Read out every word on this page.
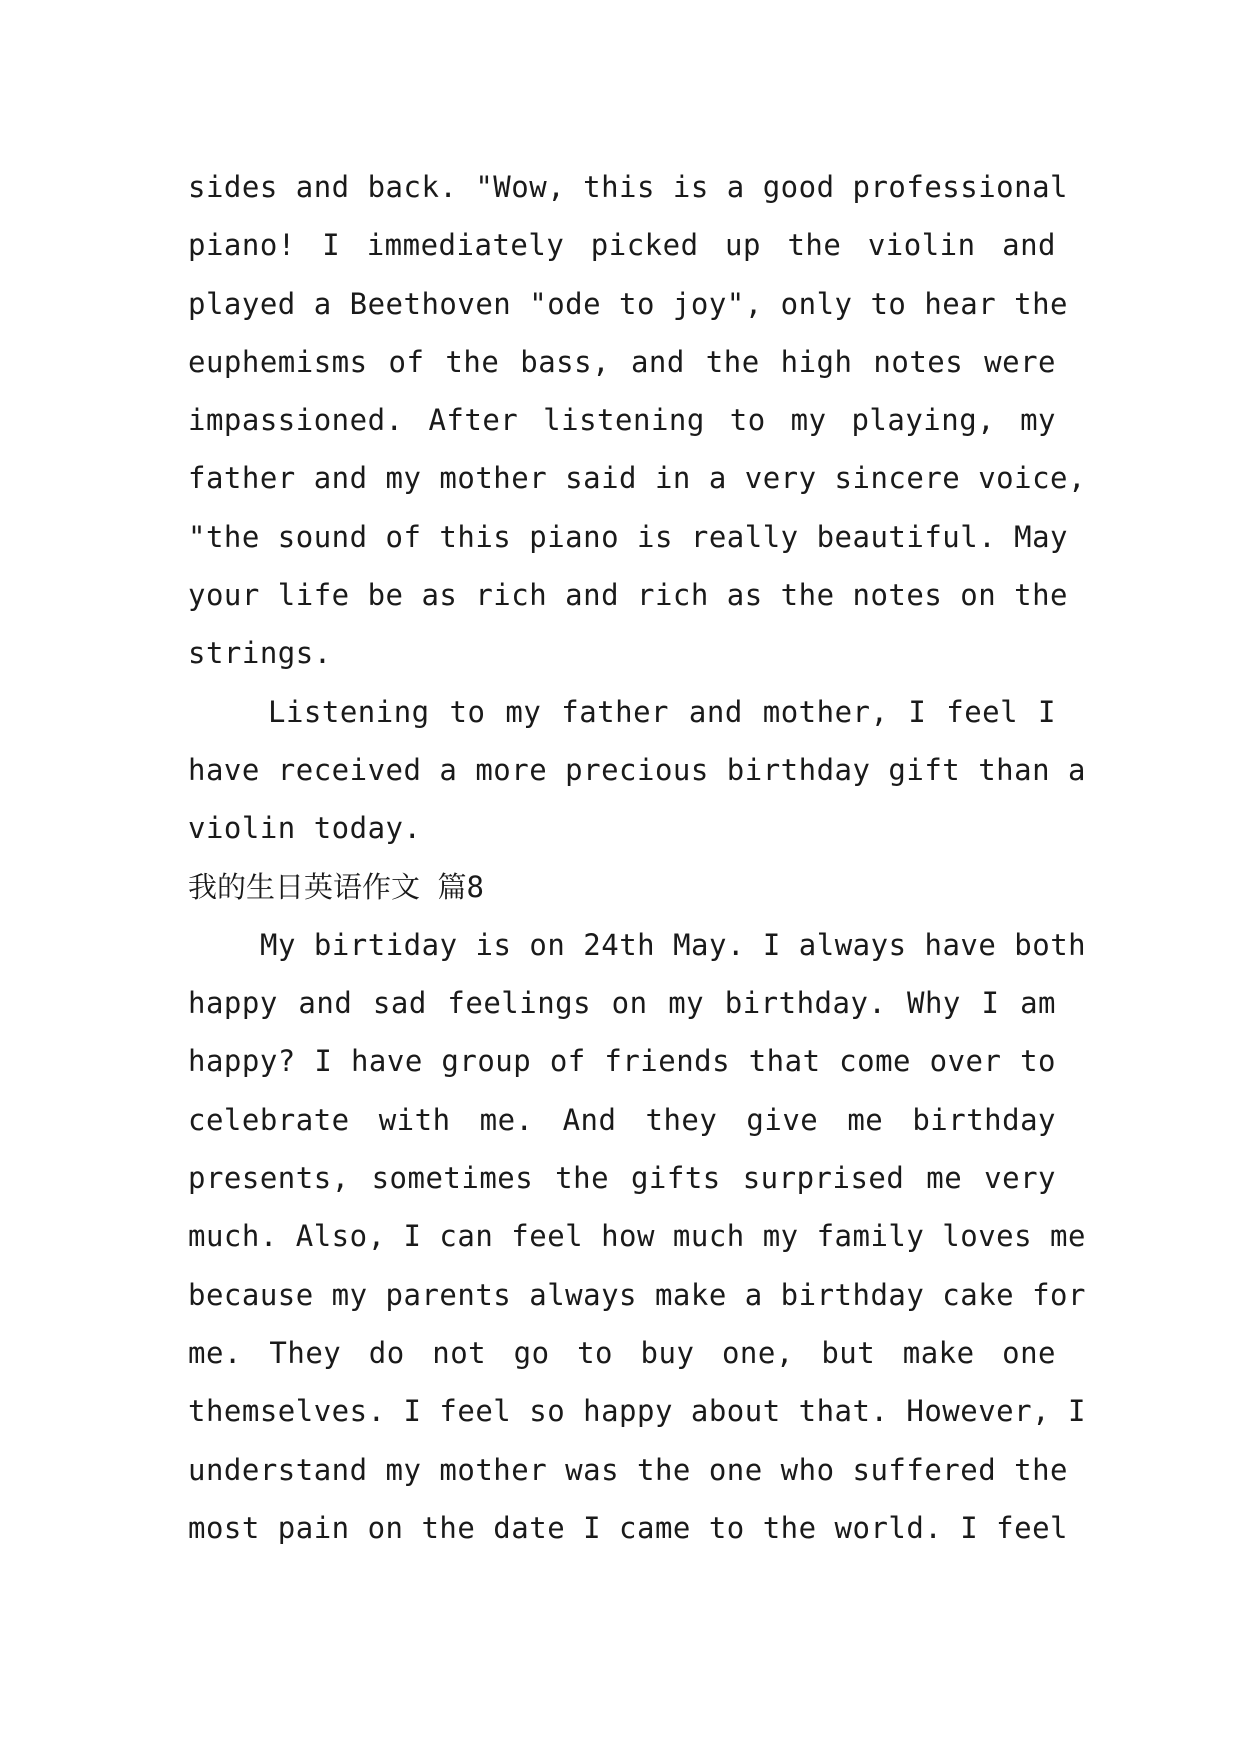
sides and back. "Wow, this is a good professional
piano! I immediately picked up the violin and
played a Beethoven "ode to joy", only to hear the
euphemisms of the bass, and the high notes were
impassioned. After listening to my playing, my
father and my mother said in a very sincere voice,
"the sound of this piano is really beautiful. May
your life be as rich and rich as the notes on the
strings.
Listening to my father and mother, I feel I
have received a more precious birthday gift than a
violin today.
我的生日英语作文 篇8
My birtiday is on 24th May. I always have both
happy and sad feelings on my birthday. Why I am
happy? I have group of friends that come over to
celebrate with me. And they give me birthday
presents, sometimes the gifts surprised me very
much. Also, I can feel how much my family loves me
because my parents always make a birthday cake for
me. They do not go to buy one, but make one
themselves. I feel so happy about that. However, I
understand my mother was the one who suffered the
most pain on the date I came to the world. I feel
